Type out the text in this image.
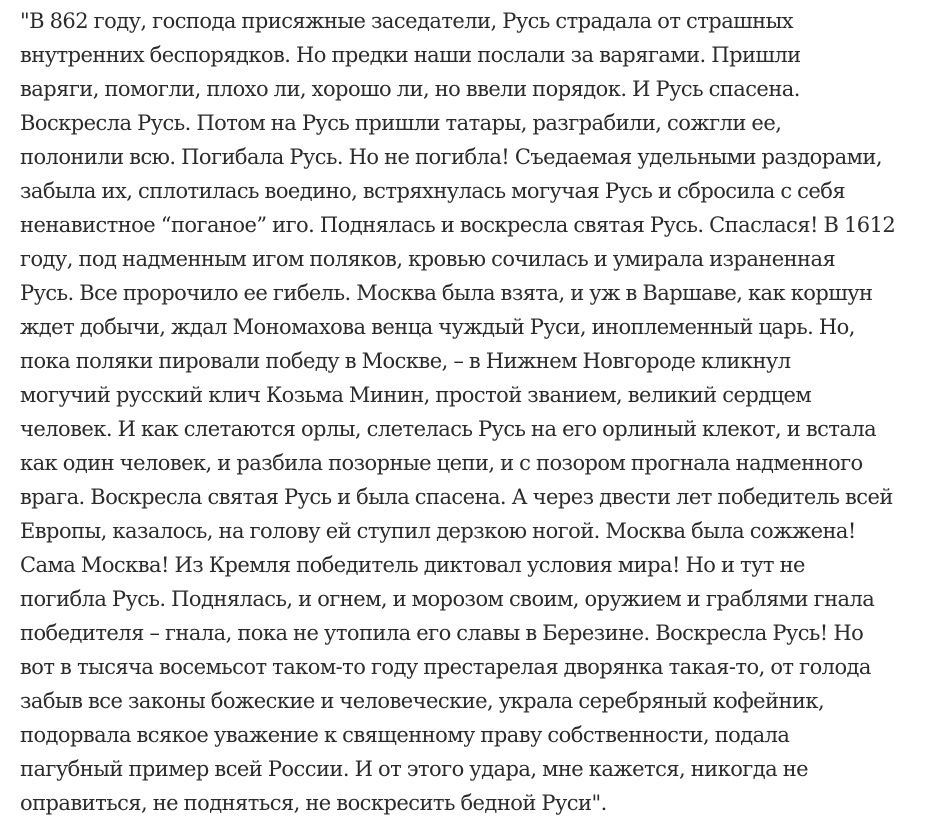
"В 862 году, господа присяжные заседатели, Русь страдала от страшных
внутренних беспорядков. Но предки наши послали за варягами. Пришли
варяги, помогли, плохо ли, хорошо ли, но ввели порядок. И Русь спасена.
Воскресла Русь. Потом на Русь пришли татары, разграбили, сожгли ее,
полонили всю. Погибала Русь. Но не погибла! Съедаемая удельными раздорами,
забыла их, сплотилась воедино, встряхнулась могучая Русь и сбросила с себя
ненавистное “поганое” иго. Поднялась и воскресла святая Русь. Спаслася! В 1612
году, под надменным игом поляков, кровью сочилась и умирала израненная
Русь. Все пророчило ее гибель. Москва была взята, и уж в Варшаве, как коршун
ждет добычи, ждал Мономахова венца чуждый Руси, иноплеменный царь. Но,
пока поляки пировали победу в Москве, – в Нижнем Новгороде кликнул
могучий русский клич Козьма Минин, простой званием, великий сердцем
человек. И как слетаются орлы, слетелась Русь на его орлиный клекот, и встала
как один человек, и разбила позорные цепи, и с позором прогнала надменного
врага. Воскресла святая Русь и была спасена. А через двести лет победитель всей
Европы, казалось, на голову ей ступил дерзкою ногой. Москва была сожжена!
Сама Москва! Из Кремля победитель диктовал условия мира! Но и тут не
погибла Русь. Поднялась, и огнем, и морозом своим, оружием и граблями гнала
победителя – гнала, пока не утопила его славы в Березине. Воскресла Русь! Но
вот в тысяча восемьсот таком-то году престарелая дворянка такая-то, от голода
забыв все законы божеские и человеческие, украла серебряный кофейник,
подорвала всякое уважение к священному праву собственности, подала
пагубный пример всей России. И от этого удара, мне кажется, никогда не
оправиться, не подняться, не воскресить бедной Руси".
